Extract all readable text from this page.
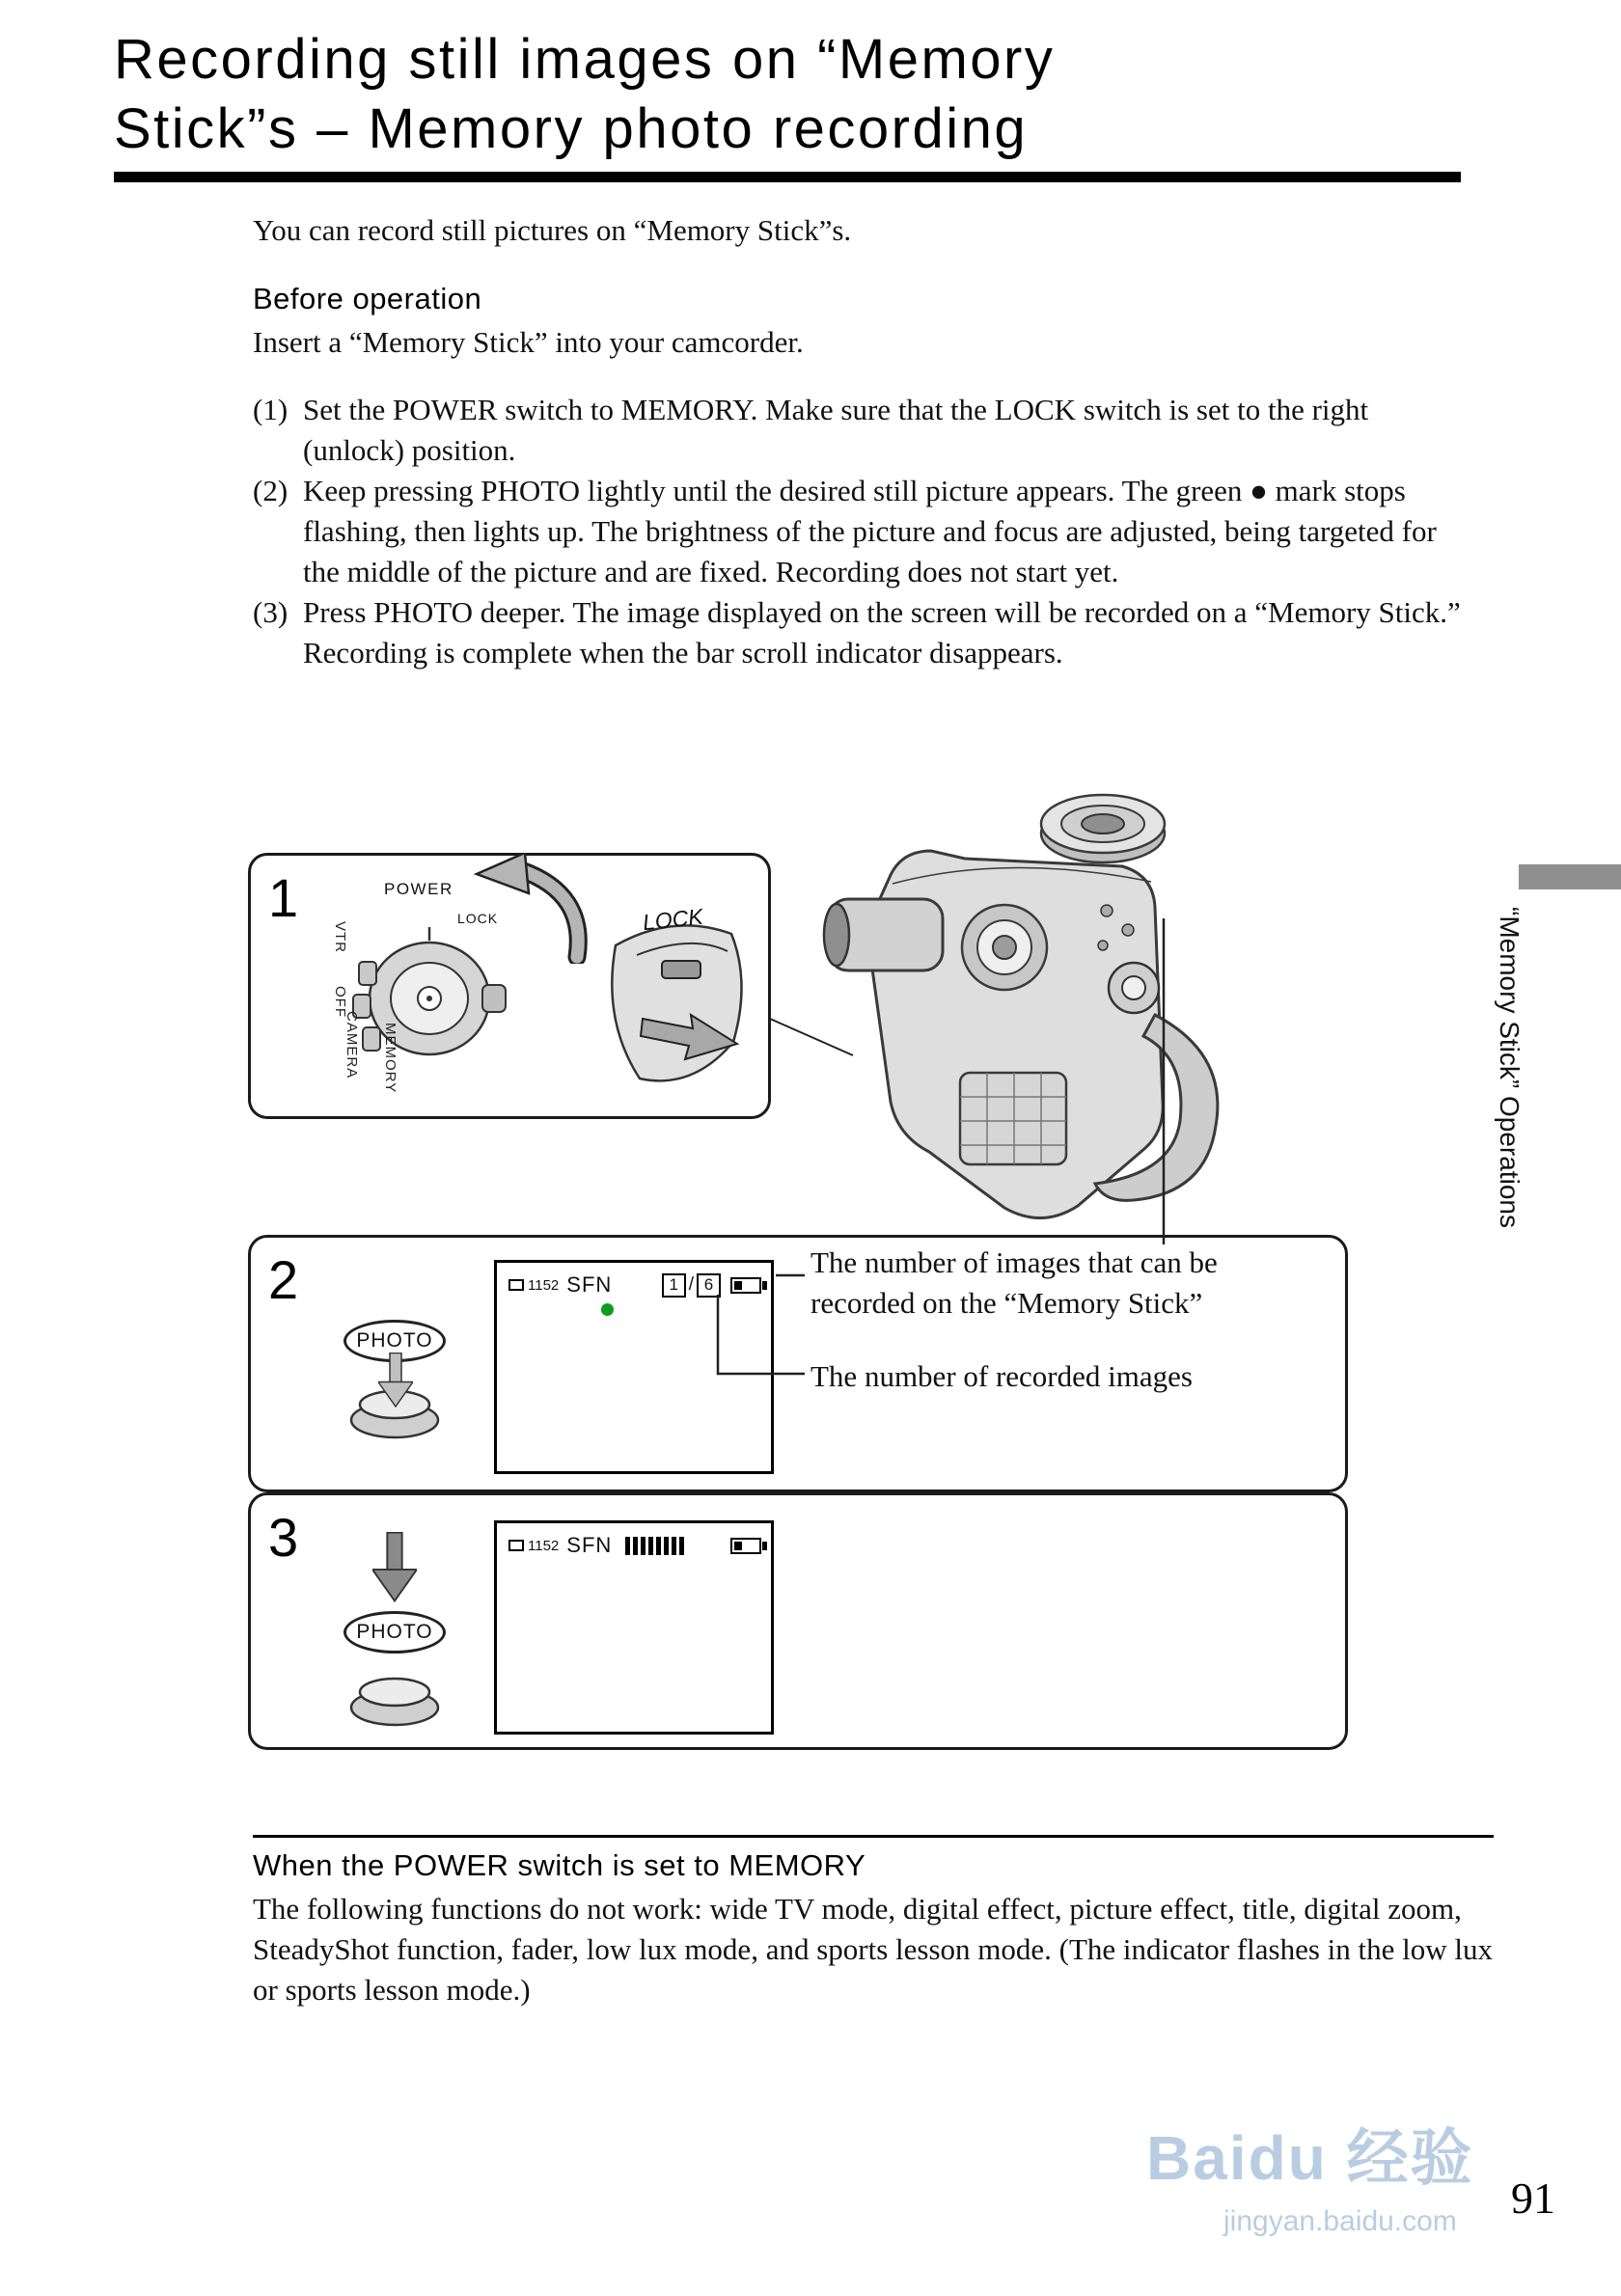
Recording still images on “Memory
Stick”s – Memory photo recording

You can record still pictures on “Memory Stick”s.

Before operation

Insert a “Memory Stick” into your camcorder.

(1) Set the POWER switch to MEMORY. Make sure that the LOCK switch is set to the right (unlock) position.
(2) Keep pressing PHOTO lightly until the desired still picture appears. The green ● mark stops flashing, then lights up. The brightness of the picture and focus are adjusted, being targeted for the middle of the picture and are fixed. Recording does not start yet.
(3) Press PHOTO deeper. The image displayed on the screen will be recorded on a “Memory Stick.” Recording is complete when the bar scroll indicator disappears.
1	POWER
VTR
OFF
CAMERA MEMORY
LOCK	LOCK	“Memory Stick” Operations
2
PHOTO
1152 SFN	1 / 6
The number of images that can be
recorded on the “Memory Stick”
The number of recorded images
3
PHOTO
1152 SFN
When the POWER switch is set to MEMORY

The following functions do not work: wide TV mode, digital effect, picture effect, title, digital zoom, SteadyShot function, fader, low lux mode, and sports lesson mode. (The indicator flashes in the low lux or sports lesson mode.)

Baidu 经验
jingyan.baidu.com 91
